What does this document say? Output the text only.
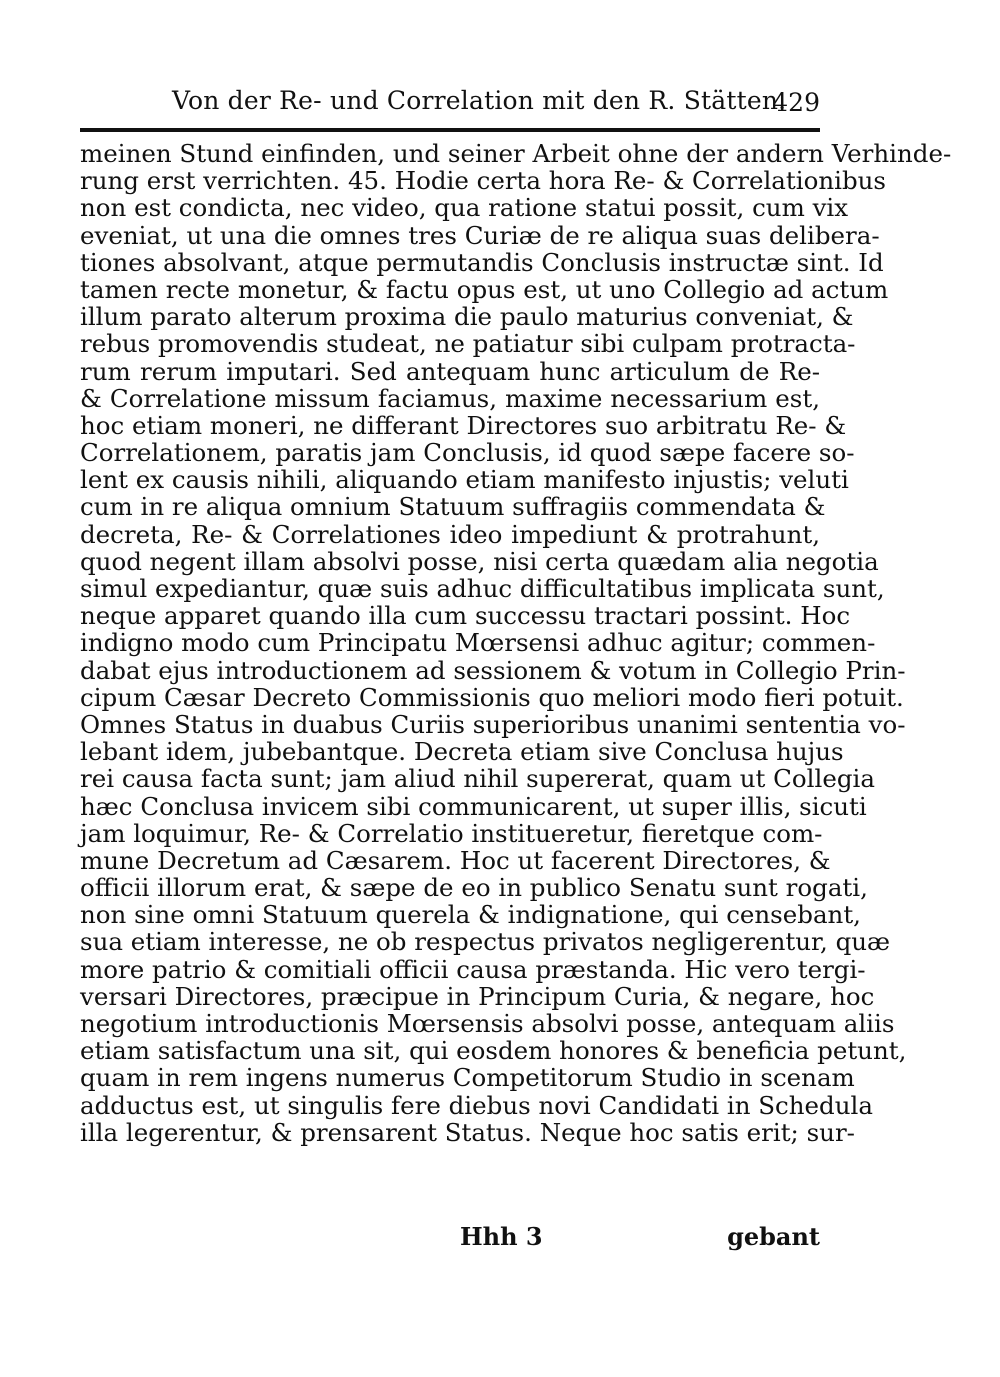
Von der Re- und Correlation mit den R. Stätten.
429
meinen Stund einfinden, und seiner Arbeit ohne der andern Verhinde-
rung erst verrichten. 45. Hodie certa hora Re- & Correlationibus
non est condicta, nec video, qua ratione statui possit, cum vix
eveniat, ut una die omnes tres Curiæ de re aliqua suas delibera-
tiones absolvant, atque permutandis Conclusis instructæ sint. Id
tamen recte monetur, & factu opus est, ut uno Collegio ad actum
illum parato alterum proxima die paulo maturius conveniat, &
rebus promovendis studeat, ne patiatur sibi culpam protracta-
rum rerum imputari. Sed antequam hunc articulum de Re-
& Correlatione missum faciamus, maxime necessarium est,
hoc etiam moneri, ne differant Directores suo arbitratu Re- &
Correlationem, paratis jam Conclusis, id quod sæpe facere so-
lent ex causis nihili, aliquando etiam manifesto injustis; veluti
cum in re aliqua omnium Statuum suffragiis commendata &
decreta, Re- & Correlationes ideo impediunt & protrahunt,
quod negent illam absolvi posse, nisi certa quædam alia negotia
simul expediantur, quæ suis adhuc difficultatibus implicata sunt,
neque apparet quando illa cum successu tractari possint. Hoc
indigno modo cum Principatu Mœrsensi adhuc agitur; commen-
dabat ejus introductionem ad sessionem & votum in Collegio Prin-
cipum Cæsar Decreto Commissionis quo meliori modo fieri potuit.
Omnes Status in duabus Curiis superioribus unanimi sententia vo-
lebant idem, jubebantque. Decreta etiam sive Conclusa hujus
rei causa facta sunt; jam aliud nihil supererat, quam ut Collegia
hæc Conclusa invicem sibi communicarent, ut super illis, sicuti
jam loquimur, Re- & Correlatio institueretur, fieretque com-
mune Decretum ad Cæsarem. Hoc ut facerent Directores, &
officii illorum erat, & sæpe de eo in publico Senatu sunt rogati,
non sine omni Statuum querela & indignatione, qui censebant,
sua etiam interesse, ne ob respectus privatos negligerentur, quæ
more patrio & comitiali officii causa præstanda. Hic vero tergi-
versari Directores, præcipue in Principum Curia, & negare, hoc
negotium introductionis Mœrsensis absolvi posse, antequam aliis
etiam satisfactum una sit, qui eosdem honores & beneficia petunt,
quam in rem ingens numerus Competitorum Studio in scenam
adductus est, ut singulis fere diebus novi Candidati in Schedula
illa legerentur, & prensarent Status. Neque hoc satis erit; sur-
Hhh 3	gebant
